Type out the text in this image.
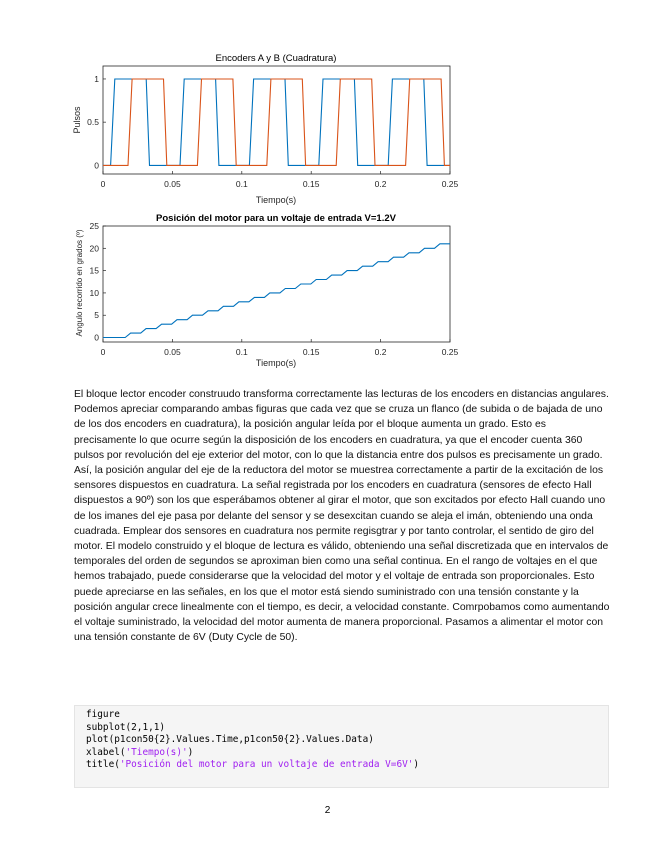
Encoders A y B (Cuadratura)
0
0.5
1
0	0.05	0.1	0.15	0.2	0.25
Tiempo(s)
Pulsos
Posición del motor para un voltaje de entrada V=1.2V
0
5
10
15
20
25
0	0.05	0.1	0.15	0.2	0.25
Tiempo(s)
Angulo recorrido en grados (º)
El bloque lector encoder construudo transforma correctamente las lecturas de los encoders en distancias angulares. Podemos apreciar comparando ambas figuras que cada vez que se cruza un flanco (de subida o de bajada de uno de los dos encoders en cuadratura), la posición angular leída por el bloque aumenta un grado. Esto es precisamente lo que ocurre según la disposición de los encoders en cuadratura, ya que el encoder cuenta 360 pulsos por revolución del eje exterior del motor, con lo que la distancia entre dos pulsos es precisamente un grado. Así, la posición angular del eje de la reductora del motor se muestrea correctamente a partir de la excitación de los sensores dispuestos en cuadratura. La señal registrada por los encoders en cuadratura (sensores de efecto Hall dispuestos a 90º) son los que esperábamos obtener al girar el motor, que son excitados por efecto Hall cuando uno de los imanes del eje pasa por delante del sensor y se desexcitan cuando se aleja el imán, obteniendo una onda cuadrada. Emplear dos sensores en cuadratura nos permite regisgtrar y por tanto controlar, el sentido de giro del motor. El modelo construido y el bloque de lectura es válido, obteniendo una señal discretizada que en intervalos de temporales del orden de segundos se aproximan bien como una señal continua. En el rango de voltajes en el que hemos trabajado, puede considerarse que la velocidad del motor y el voltaje de entrada son proporcionales. Esto puede apreciarse en las señales, en los que el motor está siendo suministrado con una tensión constante y la posición angular crece linealmente con el tiempo, es decir, a velocidad constante. Comrpobamos como aumentando el voltaje suministrado, la velocidad del motor aumenta de manera proporcional. Pasamos a alimentar el motor con una tensión constante de 6V (Duty Cycle de 50).
figure
subplot(2,1,1)
plot(p1con50{2}.Values.Time,p1con50{2}.Values.Data)
xlabel('Tiempo(s)')
title('Posición del motor para un voltaje de entrada V=6V')
2
